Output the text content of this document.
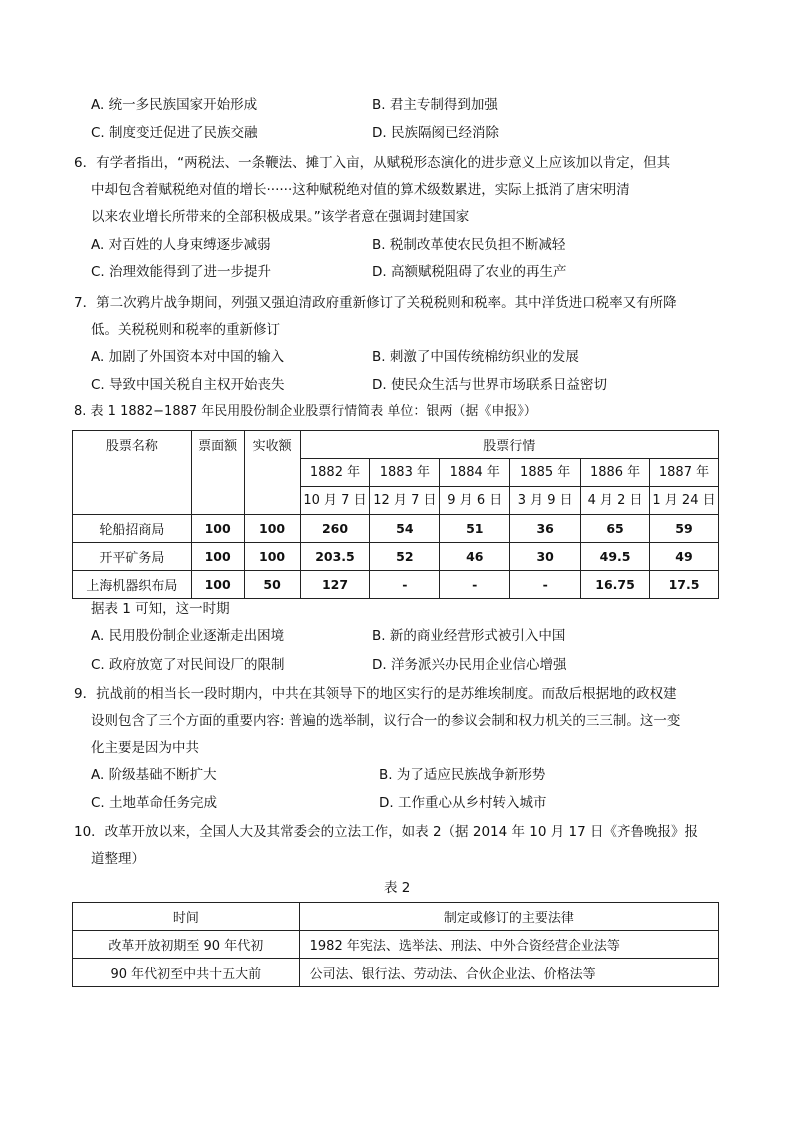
A. 统一多民族国家开始形成	B. 君主专制得到加强
C. 制度变迁促进了民族交融	D. 民族隔阂已经消除
6．有学者指出，“两税法、一条鞭法、摊丁入亩，从赋税形态演化的进步意义上应该加以肯定，但其
中却包含着赋税绝对值的增长······这种赋税绝对值的算术级数累进，实际上抵消了唐宋明清
以来农业增长所带来的全部积极成果。”该学者意在强调封建国家
A. 对百姓的人身束缚逐步减弱	B. 税制改革使农民负担不断减轻
C. 治理效能得到了进一步提升	D. 高额赋税阻碍了农业的再生产
7．第二次鸦片战争期间，列强又强迫清政府重新修订了关税税则和税率。其中洋货进口税率又有所降
低。关税税则和税率的重新修订
A. 加剧了外国资本对中国的输入	B. 刺激了中国传统棉纺织业的发展
C. 导致中国关税自主权开始丧失	D. 使民众生活与世界市场联系日益密切
8. 表 1 1882−1887 年民用股份制企业股票行情简表 单位：银两（据《申报》）
股票名称	票面额	实收额	股票行情					
			1882 年	1883 年	1884 年	1885 年	1886 年	1887 年
			10 月 7 日	12 月 7 日	9 月 6 日	3 月 9 日	4 月 2 日	1 月 24 日
轮船招商局	100	100	260	54	51	36	65	59
开平矿务局	100	100	203.5	52	46	30	49.5	49
上海机器织布局	100	50	127	-	-	-	16.75	17.5
据表 1 可知，这一时期
A. 民用股份制企业逐渐走出困境	B. 新的商业经营形式被引入中国
C. 政府放宽了对民间设厂的限制	D. 洋务派兴办民用企业信心增强
9．抗战前的相当长一段时期内，中共在其领导下的地区实行的是苏维埃制度。而敌后根据地的政权建
设则包含了三个方面的重要内容: 普遍的选举制，议行合一的参议会制和权力机关的三三制。这一变
化主要是因为中共
A. 阶级基础不断扩大	B. 为了适应民族战争新形势
C. 土地革命任务完成	D. 工作重心从乡村转入城市
10．改革开放以来，全国人大及其常委会的立法工作，如表 2（据 2014 年 10 月 17 日《齐鲁晚报》报
道整理）
表 2
时间	制定或修订的主要法律
改革开放初期至 90 年代初	1982 年宪法、选举法、刑法、中外合资经营企业法等
90 年代初至中共十五大前	公司法、银行法、劳动法、合伙企业法、价格法等
